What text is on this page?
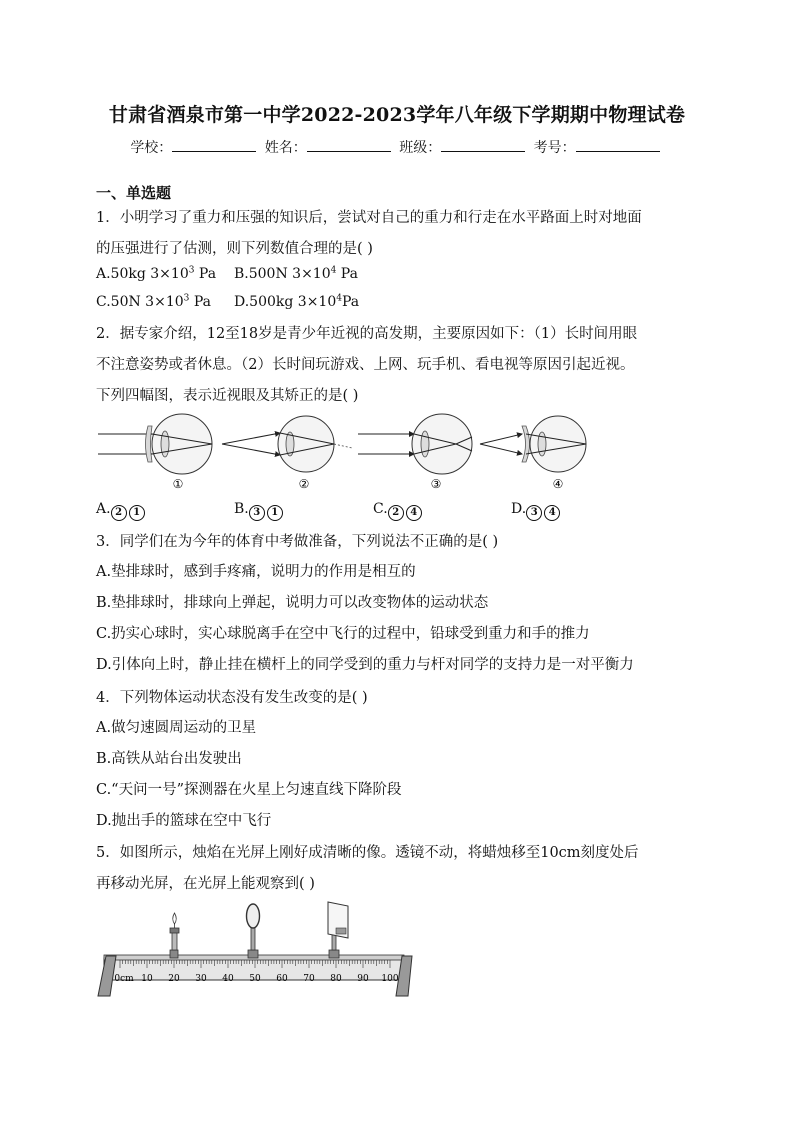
甘肃省酒泉市第一中学2022-2023学年八年级下学期期中物理试卷
学校：	姓名：	班级：	考号：
一、单选题
1．小明学习了重力和压强的知识后，尝试对自己的重力和行走在水平路面上时对地面
的压强进行了估测，则下列数值合理的是( )
A.50kg $3\times 10^3$ Pa B.500N $3\times 10^4$ Pa
C.50N $3\times 10^3$ Pa D.500kg $3\times 10^4Pa$
2．据专家介绍，12至18岁是青少年近视的高发期，主要原因如下：（1）长时间用眼
不注意姿势或者休息。（2）长时间玩游戏、上网、玩手机、看电视等原因引起近视。
下列四幅图，表示近视眼及其矫正的是( )
①	②	③	④
A. 2 1	B. 3 1	C. 2 4	D. 3 4
3．同学们在为今年的体育中考做准备，下列说法不正确的是( )
A.垫排球时，感到手疼痛，说明力的作用是相互的
B.垫排球时，排球向上弹起，说明力可以改变物体的运动状态
C.扔实心球时，实心球脱离手在空中飞行的过程中，铅球受到重力和手的推力
D.引体向上时，静止挂在横杆上的同学受到的重力与杆对同学的支持力是一对平衡力
4．下列物体运动状态没有发生改变的是( )
A.做匀速圆周运动的卫星
B.高铁从站台出发驶出
C.“天问一号”探测器在火星上匀速直线下降阶段
D.抛出手的篮球在空中飞行
5．如图所示，烛焰在光屏上刚好成清晰的像。透镜不动，将蜡烛移至10cm刻度处后
再移动光屏，在光屏上能观察到( )
0cm 10 20 30 40 50 60 70 80 90 100
